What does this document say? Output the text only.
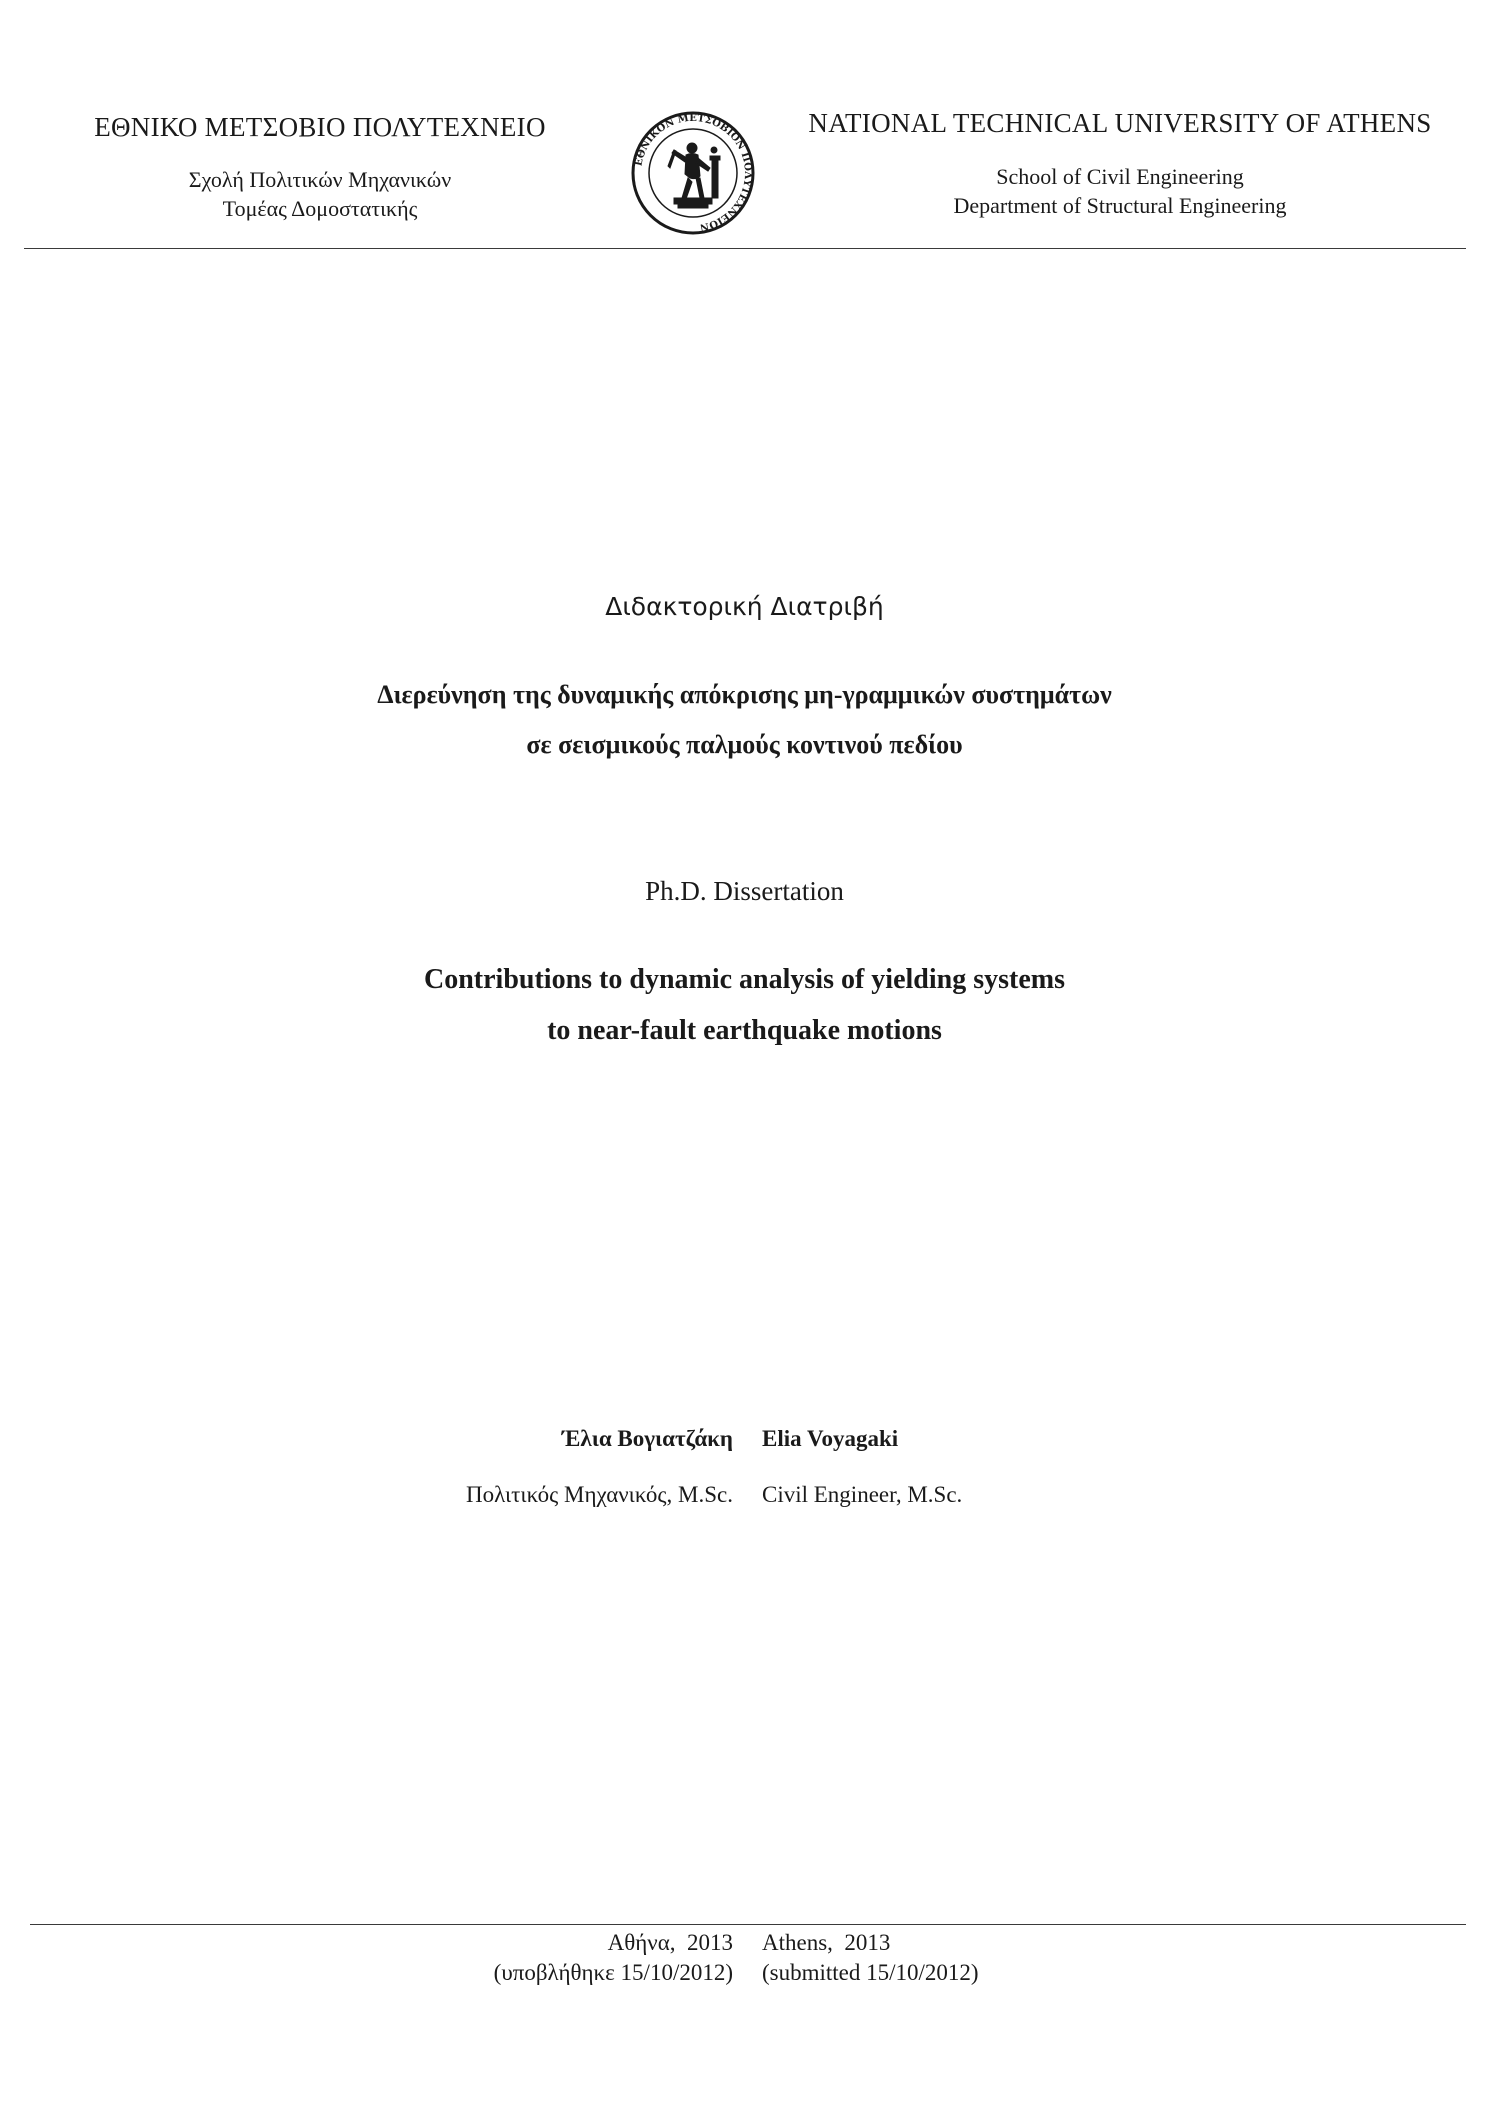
ΕΘΝΙΚΟ ΜΕΤΣΟΒΙΟ ΠΟΛΥΤΕΧΝΕΙΟ
Σχολή Πολιτικών Μηχανικών
Τομέας Δομοστατικής
ΕΘΝΙΚΟΝ ΜΕΤΣΟΒΙΟΝ ΠΟΛΥΤΕΧΝΕΙΟΝ
NATIONAL TECHNICAL UNIVERSITY OF ATHENS
School of Civil Engineering
Department of Structural Engineering
Διδακτορική Διατριβή
Διερεύνηση της δυναμικής απόκρισης μη-γραμμικών συστημάτων
σε σεισμικούς παλμούς κοντινού πεδίου
Ph.D. Dissertation
Contributions to dynamic analysis of yielding systems
to near-fault earthquake motions
Έλια Βογιατζάκη Elia Voyagaki
Πολιτικός Μηχανικός, M.Sc. Civil Engineer, M.Sc.
Αθήνα,  2013
(υποβλήθηκε 15/10/2012)
Athens,  2013
(submitted 15/10/2012)
